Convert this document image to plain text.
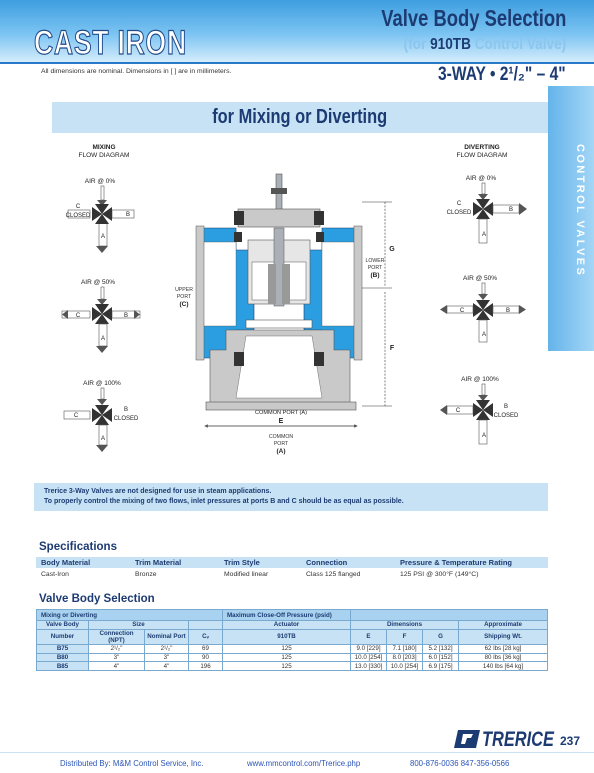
CAST IRON
Valve Body Selection
(for 910TB Control Valve)
3-WAY • 2¹/₂" – 4"
All dimensions are nominal. Dimensions in [ ] are in millimeters.
CONTROL VALVES
for Mixing or Diverting
MIXING
FLOW DIAGRAM
DIVERTING
FLOW DIAGRAM
AIR @ 0%
C
CLOSED	B
A
AIR @ 50%
C	B
A
AIR @ 100%
C
B
CLOSED
A
AIR @ 0%
C
CLOSED	B
A
AIR @ 50%
C	B
A
AIR @ 100%
C
B
CLOSED
A
UPPER
PORT
(C)
LOWER
PORT
(B)
COMMON PORT (A)
COMMON
PORT
(A)
E
F
G
Trerice 3-Way Valves are not designed for use in steam applications.
To properly control the mixing of two flows, inlet pressures at ports B and C should be as equal as possible.
Specifications
Body Material	Trim Material	Trim Style	Connection	Pressure & Temperature Rating
Cast-Iron	Bronze	Modified linear	Class 125 flanged	125 PSI @ 300°F (149°C)
Valve Body Selection
Mixing or Diverting				Maximum Close-Off Pressure (psid)				
Valve Body	Size			Actuator	Dimensions			Approximate
Number	Connection (NPT)	Nominal Port	Cᵥ	910TB	E	F	G	Shipping Wt.
B75	2¹/₂"	2¹/₂"	69	125	9.0 [229]	7.1 [180]	5.2 [132]	62 lbs [28 kg]
B80	3"	3"	90	125	10.0 [254]	8.0 [203]	6.0 [152]	80 lbs [36 kg]
B85	4"	4"	196	125	13.0 [330]	10.0 [254]	6.9 [175]	140 lbs [64 kg]
TRERICE 237
Distributed By: M&M Control Service, Inc.	www.mmcontrol.com/Trerice.php	800-876-0036 847-356-0566
